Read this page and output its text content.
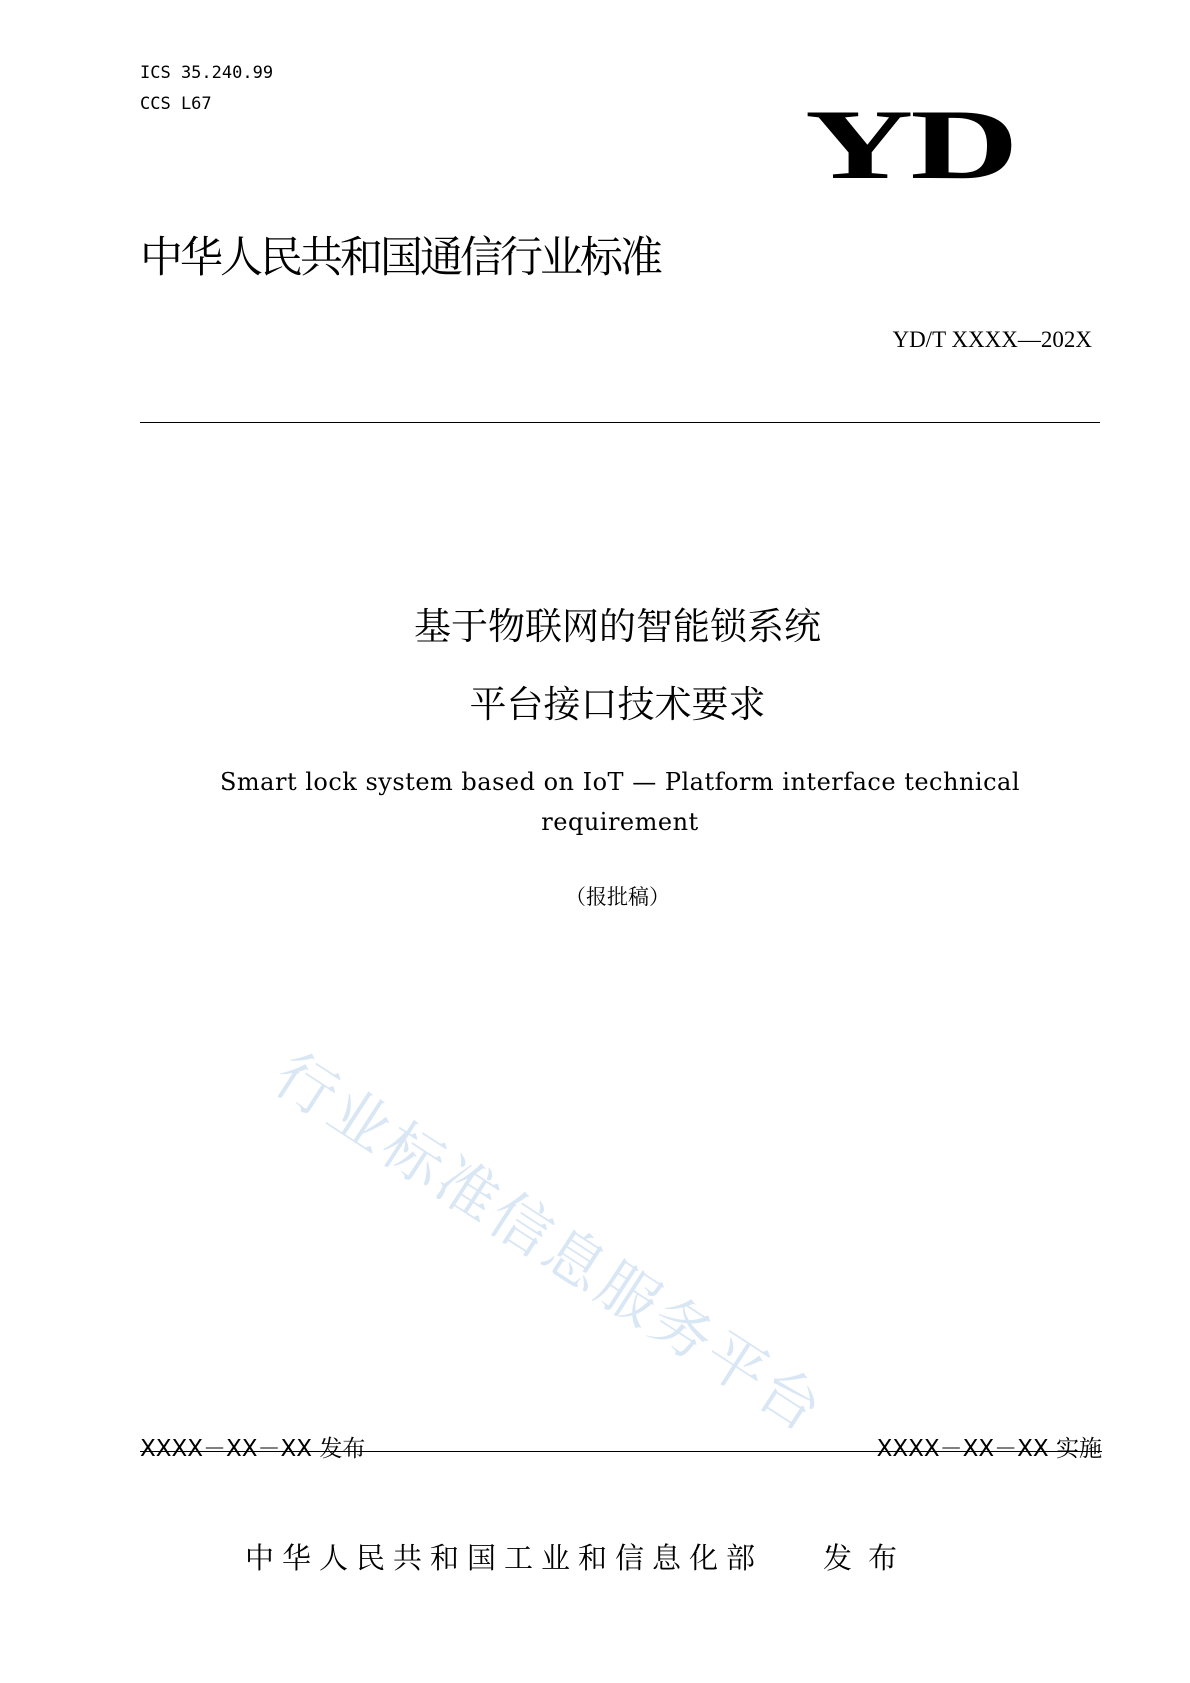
ICS 35.240.99
CCS L67	YD
中华人民共和国通信行业标准
YD/T XXXX—202X
基于物联网的智能锁系统
平台接口技术要求
Smart lock system based on IoT — Platform interface technical requirement
（报批稿）
行业标准信息服务平台
XXXX－XX－XX 发布	XXXX－XX－XX 实施
中华人民共和国工业和信息化部 发布
